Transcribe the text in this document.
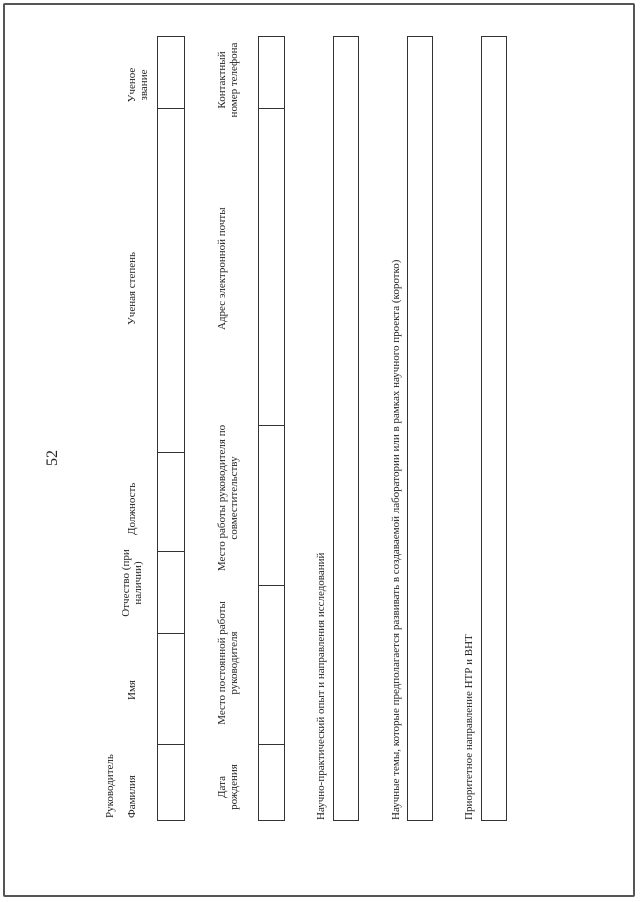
52
Руководитель Фамилия
Имя
Отчество (при наличии)
Должность
Ученая степень
Ученое звание
Дата рождения
Место постоянной работы руководителя
Место работы руководителя по совместительству
Адрес электронной почты
Контактный номер телефона
Научно-практический опыт и направления исследований	Научные темы, которые предполагается развивать в создаваемой лаборатории или в рамках научного проекта (коротко)	Приоритетное направление НТР и ВНТ
